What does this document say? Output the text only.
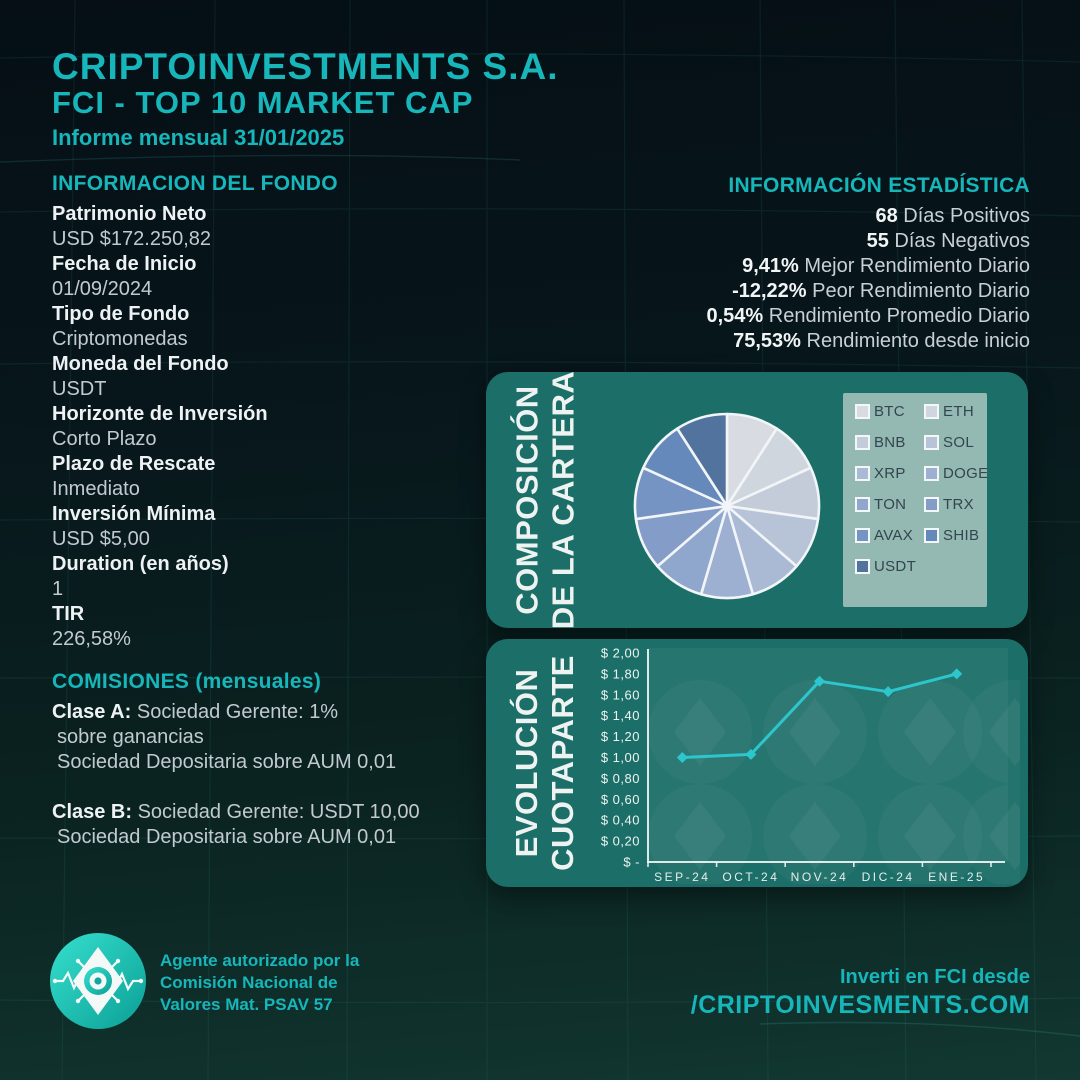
CRIPTOINVESTMENTS S.A.
FCI - TOP 10 MARKET CAP
Informe mensual 31/01/2025
INFORMACION DEL FONDO
Patrimonio Neto
USD $172.250,82
Fecha de Inicio
01/09/2024
Tipo de Fondo
Criptomonedas
Moneda del Fondo
USDT
Horizonte de Inversión
Corto Plazo
Plazo de Rescate
Inmediato
Inversión Mínima
USD $5,00
Duration (en años)
1
TIR
226,58%
COMISIONES (mensuales)
Clase A: Sociedad Gerente: 1%
sobre ganancias
Sociedad Depositaria sobre AUM 0,01
Clase B: Sociedad Gerente: USDT 10,00
Sociedad Depositaria sobre AUM 0,01
INFORMACIÓN ESTADÍSTICA
68 Días Positivos
55 Días Negativos
9,41% Mejor Rendimiento Diario
-12,22% Peor Rendimiento Diario
0,54% Rendimiento Promedio Diario
75,53% Rendimiento desde inicio
COMPOSICIÓN DE LA CARTERA	BTC
BNB
XRP
TON
AVAX
USDT
ETH
SOL
DOGE
TRX
SHIB
EVOLUCIÓN CUOTAPARTE
$ 2,00
$ 1,80
$ 1,60
$ 1,40
$ 1,20
$ 1,00
$ 0,80
$ 0,60
$ 0,40
$ 0,20
$ -
SEP-24 OCT-24 NOV-24 DIC-24 ENE-25
Agente autorizado por la
Comisión Nacional de
Valores Mat. PSAV 57
Inverti en FCI desde
/CRIPTOINVESMENTS.COM
